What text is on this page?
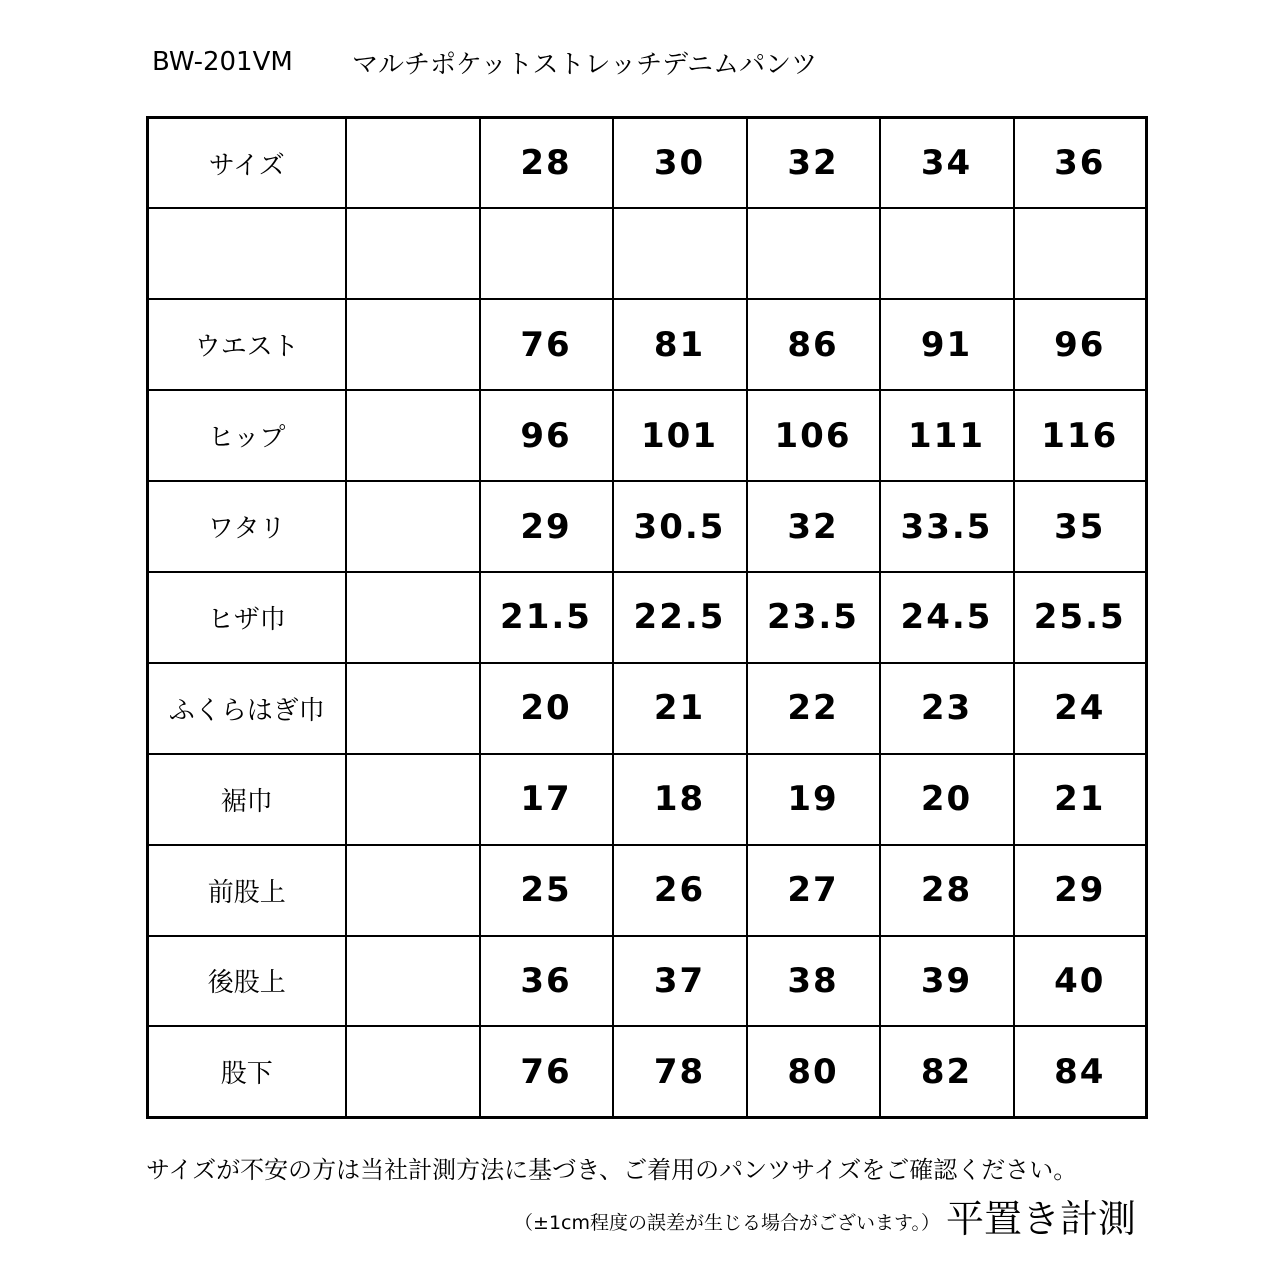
BW-201VM	マルチポケットストレッチデニムパンツ
サイズ		28	30	32	34	36

ウエスト		76	81	86	91	96
ヒップ		96	101	106	111	116
ワタリ		29	30.5	32	33.5	35
ヒザ巾		21.5	22.5	23.5	24.5	25.5
ふくらはぎ巾		20	21	22	23	24
裾巾		17	18	19	20	21
前股上		25	26	27	28	29
後股上		36	37	38	39	40
股下		76	78	80	82	84
サイズが不安の方は当社計測方法に基づき、ご着用のパンツサイズをご確認ください。
（±1cm程度の誤差が生じる場合がございます。） 平置き計測
